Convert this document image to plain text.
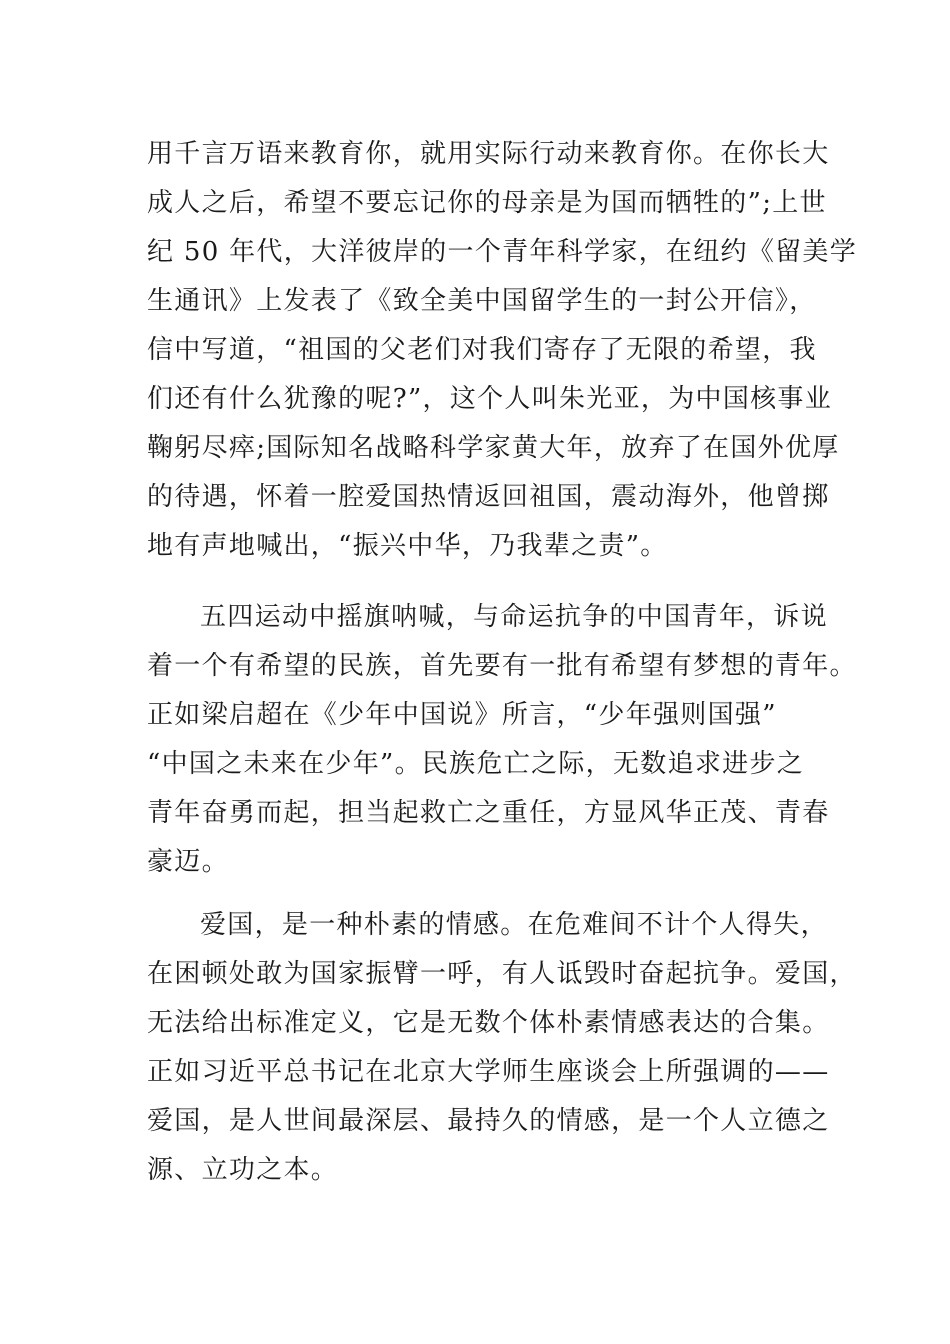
用千言万语来教育你，就用实际行动来教育你。在你长大
成人之后，希望不要忘记你的母亲是为国而牺牲的”;上世
纪 50 年代，大洋彼岸的一个青年科学家，在纽约《留美学
生通讯》上发表了《致全美中国留学生的一封公开信》，
信中写道，“祖国的父老们对我们寄存了无限的希望，我
们还有什么犹豫的呢?”，这个人叫朱光亚，为中国核事业
鞠躬尽瘁;国际知名战略科学家黄大年，放弃了在国外优厚
的待遇，怀着一腔爱国热情返回祖国，震动海外，他曾掷
地有声地喊出，“振兴中华，乃我辈之责”。
五四运动中摇旗呐喊，与命运抗争的中国青年，诉说
着一个有希望的民族，首先要有一批有希望有梦想的青年。
正如梁启超在《少年中国说》所言，“少年强则国强”
“中国之未来在少年”。民族危亡之际，无数追求进步之
青年奋勇而起，担当起救亡之重任，方显风华正茂、青春
豪迈。
爱国，是一种朴素的情感。在危难间不计个人得失，
在困顿处敢为国家振臂一呼，有人诋毁时奋起抗争。爱国，
无法给出标准定义，它是无数个体朴素情感表达的合集。
正如习近平总书记在北京大学师生座谈会上所强调的——
爱国，是人世间最深层、最持久的情感，是一个人立德之
源、立功之本。
